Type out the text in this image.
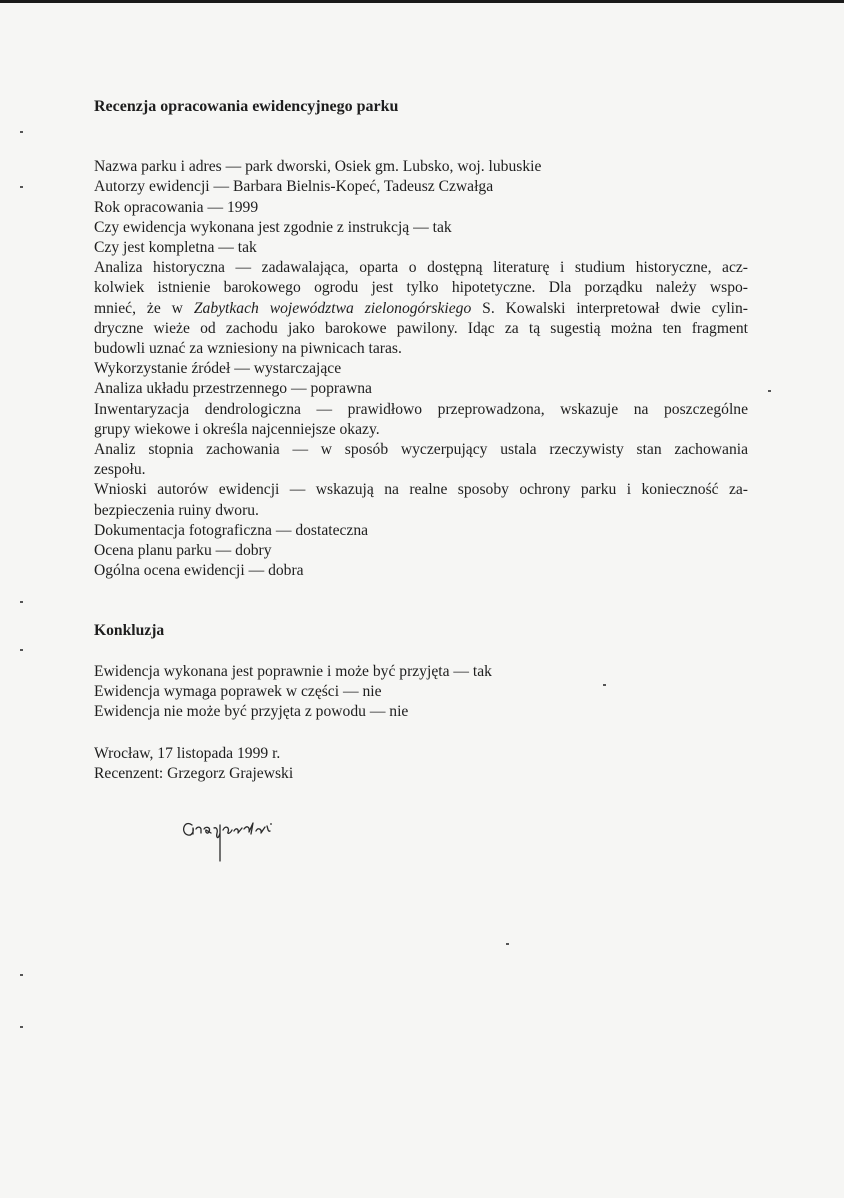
Recenzja opracowania ewidencyjnego parku

Nazwa parku i adres — park dworski, Osiek gm. Lubsko, woj. lubuskie

Autorzy ewidencji — Barbara Bielnis-Kopeć, Tadeusz Czwałga

Rok opracowania — 1999

Czy ewidencja wykonana jest zgodnie z instrukcją — tak

Czy jest kompletna — tak

Analiza historyczna — zadawalająca, oparta o dostępną literaturę i studium historyczne, acz-

kolwiek istnienie barokowego ogrodu jest tylko hipotetyczne. Dla porządku należy wspo-

mnieć, że w Zabytkach województwa zielonogórskiego S. Kowalski interpretował dwie cylin-

dryczne wieże od zachodu jako barokowe pawilony. Idąc za tą sugestią można ten fragment

budowli uznać za wzniesiony na piwnicach taras.

Wykorzystanie źródeł — wystarczające

Analiza układu przestrzennego — poprawna

Inwentaryzacja dendrologiczna — prawidłowo przeprowadzona, wskazuje na poszczególne

grupy wiekowe i określa najcenniejsze okazy.

Analiz stopnia zachowania — w sposób wyczerpujący ustala rzeczywisty stan zachowania

zespołu.

Wnioski autorów ewidencji — wskazują na realne sposoby ochrony parku i konieczność za-

bezpieczenia ruiny dworu.

Dokumentacja fotograficzna — dostateczna

Ocena planu parku — dobry

Ogólna ocena ewidencji — dobra

Konkluzja

Ewidencja wykonana jest poprawnie i może być przyjęta — tak

Ewidencja wymaga poprawek w części — nie

Ewidencja nie może być przyjęta z powodu — nie

Wrocław, 17 listopada 1999 r.

Recenzent: Grzegorz Grajewski
